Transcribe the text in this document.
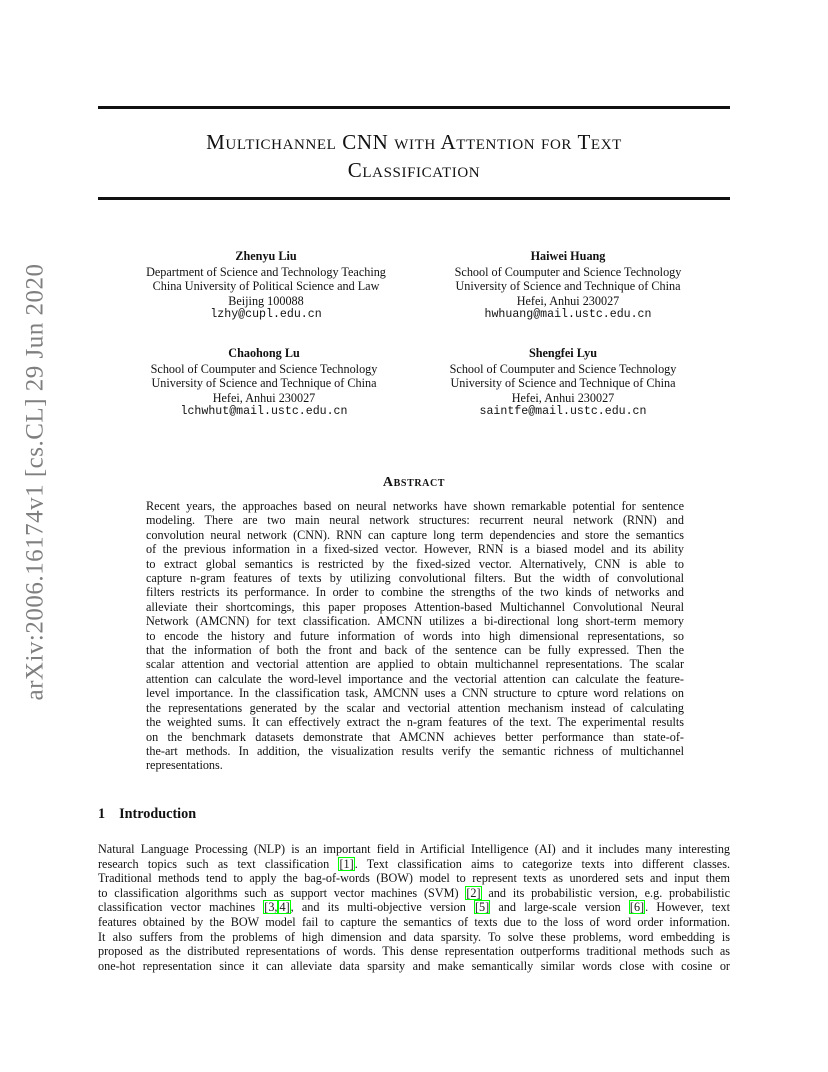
arXiv:2006.16174v1 [cs.CL] 29 Jun 2020
Multichannel CNN with Attention for Text
Classification
Zhenyu Liu
Department of Science and Technology Teaching
China University of Political Science and Law
Beijing 100088
lzhy@cupl.edu.cn
Haiwei Huang
School of Coumputer and Science Technology
University of Science and Technique of China
Hefei, Anhui 230027
hwhuang@mail.ustc.edu.cn
Chaohong Lu
School of Coumputer and Science Technology
University of Science and Technique of China
Hefei, Anhui 230027
lchwhut@mail.ustc.edu.cn
Shengfei Lyu
School of Coumputer and Science Technology
University of Science and Technique of China
Hefei, Anhui 230027
saintfe@mail.ustc.edu.cn
Abstract
Recent years, the approaches based on neural networks have shown remarkable potential for sentence
modeling. There are two main neural network structures: recurrent neural network (RNN) and
convolution neural network (CNN). RNN can capture long term dependencies and store the semantics
of the previous information in a fixed-sized vector. However, RNN is a biased model and its ability
to extract global semantics is restricted by the fixed-sized vector. Alternatively, CNN is able to
capture n-gram features of texts by utilizing convolutional filters. But the width of convolutional
filters restricts its performance. In order to combine the strengths of the two kinds of networks and
alleviate their shortcomings, this paper proposes Attention-based Multichannel Convolutional Neural
Network (AMCNN) for text classification. AMCNN utilizes a bi-directional long short-term memory
to encode the history and future information of words into high dimensional representations, so
that the information of both the front and back of the sentence can be fully expressed. Then the
scalar attention and vectorial attention are applied to obtain multichannel representations. The scalar
attention can calculate the word-level importance and the vectorial attention can calculate the feature-
level importance. In the classification task, AMCNN uses a CNN structure to cpture word relations on
the representations generated by the scalar and vectorial attention mechanism instead of calculating
the weighted sums. It can effectively extract the n-gram features of the text. The experimental results
on the benchmark datasets demonstrate that AMCNN achieves better performance than state-of-
the-art methods. In addition, the visualization results verify the semantic richness of multichannel
representations.
1 Introduction
Natural Language Processing (NLP) is an important field in Artificial Intelligence (AI) and it includes many interesting
research topics such as text classification [1]. Text classification aims to categorize texts into different classes.
Traditional methods tend to apply the bag-of-words (BOW) model to represent texts as unordered sets and input them
to classification algorithms such as support vector machines (SVM) [2] and its probabilistic version, e.g. probabilistic
classification vector machines [3, 4], and its multi-objective version [5] and large-scale version [6]. However, text
features obtained by the BOW model fail to capture the semantics of texts due to the loss of word order information.
It also suffers from the problems of high dimension and data sparsity. To solve these problems, word embedding is
proposed as the distributed representations of words. This dense representation outperforms traditional methods such as
one-hot representation since it can alleviate data sparsity and make semantically similar words close with cosine or
